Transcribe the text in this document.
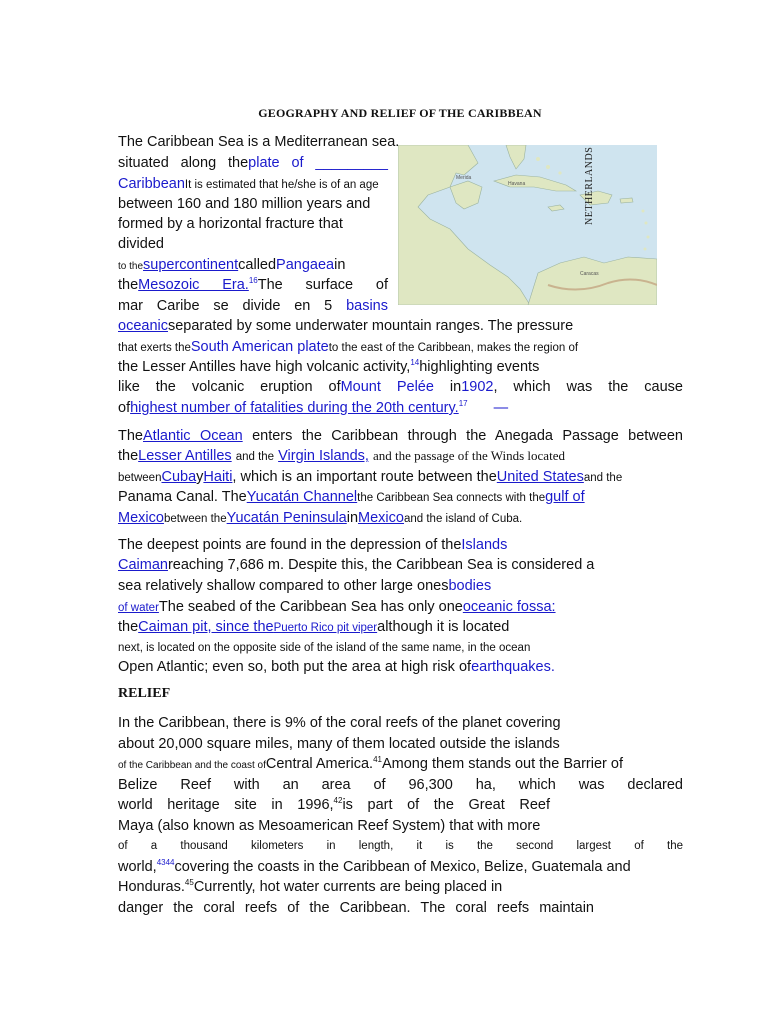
GEOGRAPHY AND RELIEF OF THE CARIBBEAN
Merida
Havana
Caracas
NETHERLANDS
The Caribbean Sea is a Mediterranean sea.
situated along theplate of _________
CaribbeanIt is estimated that he/she is of an age
between 160 and 180 million years and
formed by a horizontal fracture that
divided
to thesupercontinentcalledPangaeain
theMesozoic Era.$^{16}$The surface of
mar Caribe se divide en 5 basins
oceanicseparated by some underwater mountain ranges. The pressure
that exerts theSouth American plateto the east of the Caribbean, makes the region of
the Lesser Antilles have high volcanic activity,$^{14}$highlighting events
like the volcanic eruption ofMount Pelée in1902, which was the cause
ofhighest number of fatalities during the 20th century.$^{17}$ —
TheAtlantic Ocean enters the Caribbean through the Anegada Passage between
theLesser Antilles and the Virgin Islands, and the passage of the Winds located
betweenCubayHaiti, which is an important route between theUnited Statesand the
Panama Canal. TheYucatán Channelthe Caribbean Sea connects with thegulf of
Mexicobetween theYucatán PeninsulainMexicoand the island of Cuba.
The deepest points are found in the depression of theIslands
Caimanreaching 7,686 m. Despite this, the Caribbean Sea is considered a
sea relatively shallow compared to other large onesbodies
of waterThe seabed of the Caribbean Sea has only oneoceanic fossa:
theCaiman pit, since thePuerto Rico pit viperalthough it is located
next, is located on the opposite side of the island of the same name, in the ocean
Open Atlantic; even so, both put the area at high risk ofearthquakes.
RELIEF
In the Caribbean, there is 9% of the coral reefs of the planet covering
about 20,000 square miles, many of them located outside the islands
of the Caribbean and the coast ofCentral America.$^{41}$Among them stands out the Barrier of
Belize Reef with an area of 96,300 ha, which was declared
world heritage site in 1996,42is part of the Great Reef
Maya (also known as Mesoamerican Reef System) that with more
of a thousand kilometers in length, it is the second largest of the
world,$^{4344}$covering the coasts in the Caribbean of Mexico, Belize, Guatemala and
Honduras.$^{45}$Currently, hot water currents are being placed in
danger the coral reefs of the Caribbean. The coral reefs maintain
